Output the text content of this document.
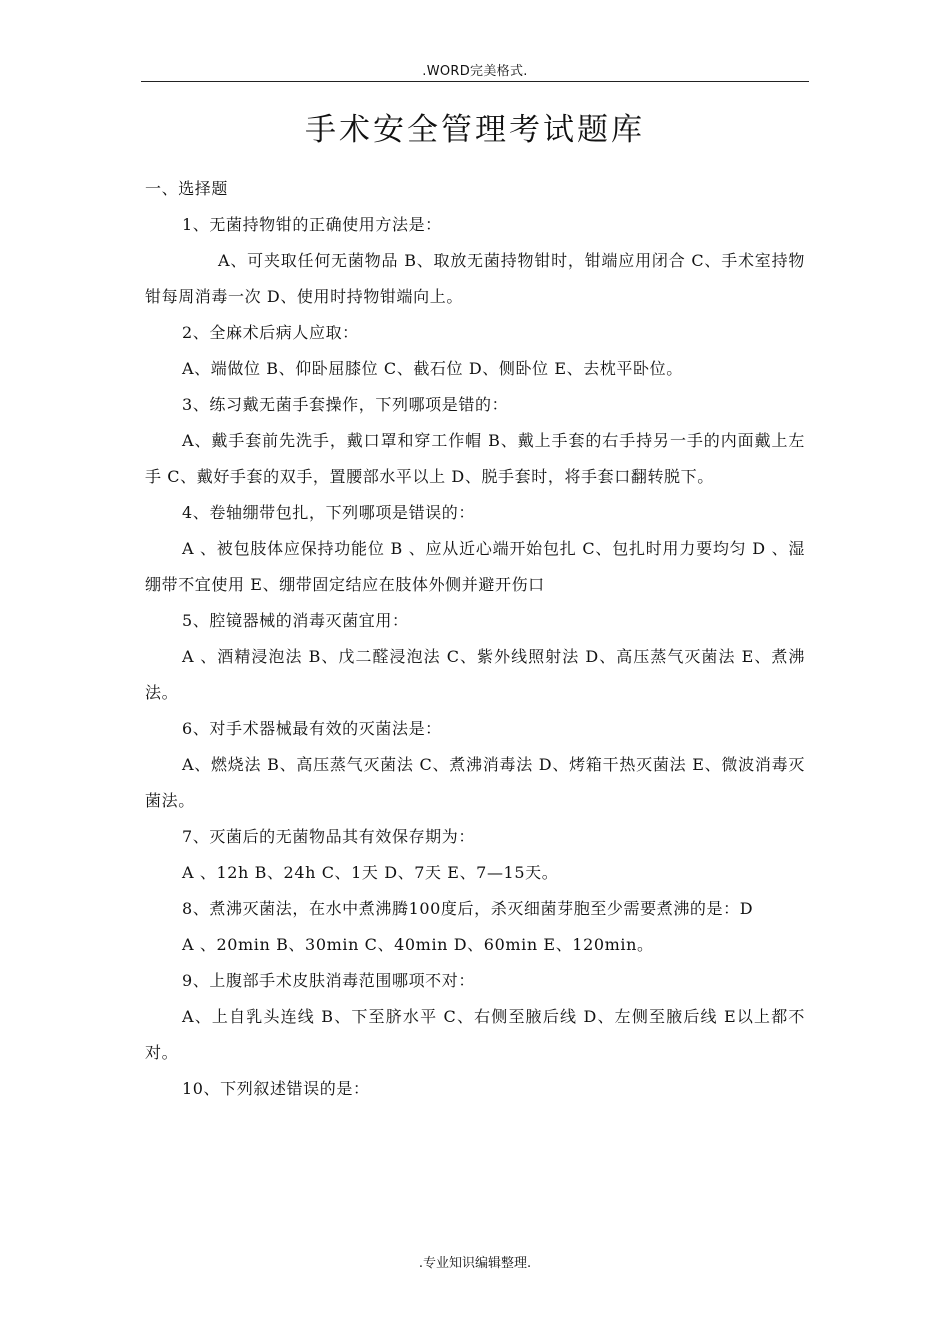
.WORD完美格式.
手术安全管理考试题库

一、选择题

1、无菌持物钳的正确使用方法是：

A、可夹取任何无菌物品 B、取放无菌持物钳时，钳端应用闭合 C、手术室持物钳每周消毒一次 D、使用时持物钳端向上。

2、全麻术后病人应取：

A、端做位 B、仰卧屈膝位 C、截石位 D、侧卧位 E、去枕平卧位。

3、练习戴无菌手套操作，下列哪项是错的：

A、戴手套前先洗手，戴口罩和穿工作帽 B、戴上手套的右手持另一手的内面戴上左手 C、戴好手套的双手，置腰部水平以上 D、脱手套时，将手套口翻转脱下。

4、卷轴绷带包扎，下列哪项是错误的：

A 、被包肢体应保持功能位 B 、应从近心端开始包扎 C、包扎时用力要均匀 D 、湿绷带不宜使用 E、绷带固定结应在肢体外侧并避开伤口

5、腔镜器械的消毒灭菌宜用：

A 、酒精浸泡法 B、戊二醛浸泡法 C、紫外线照射法 D、高压蒸气灭菌法 E、煮沸法。

6、对手术器械最有效的灭菌法是：

A、燃烧法 B、高压蒸气灭菌法 C、煮沸消毒法 D、烤箱干热灭菌法 E、微波消毒灭菌法。

7、灭菌后的无菌物品其有效保存期为：

A 、12h B、24h C、1天 D、7天 E、7—15天。

8、煮沸灭菌法，在水中煮沸腾100度后，杀灭细菌芽胞至少需要煮沸的是：D

A 、20min B、30min C、40min D、60min E、120min。

9、上腹部手术皮肤消毒范围哪项不对：

A、上自乳头连线 B、下至脐水平 C、右侧至腋后线 D、左侧至腋后线 E以上都不对。

10、下列叙述错误的是：

.专业知识编辑整理.
